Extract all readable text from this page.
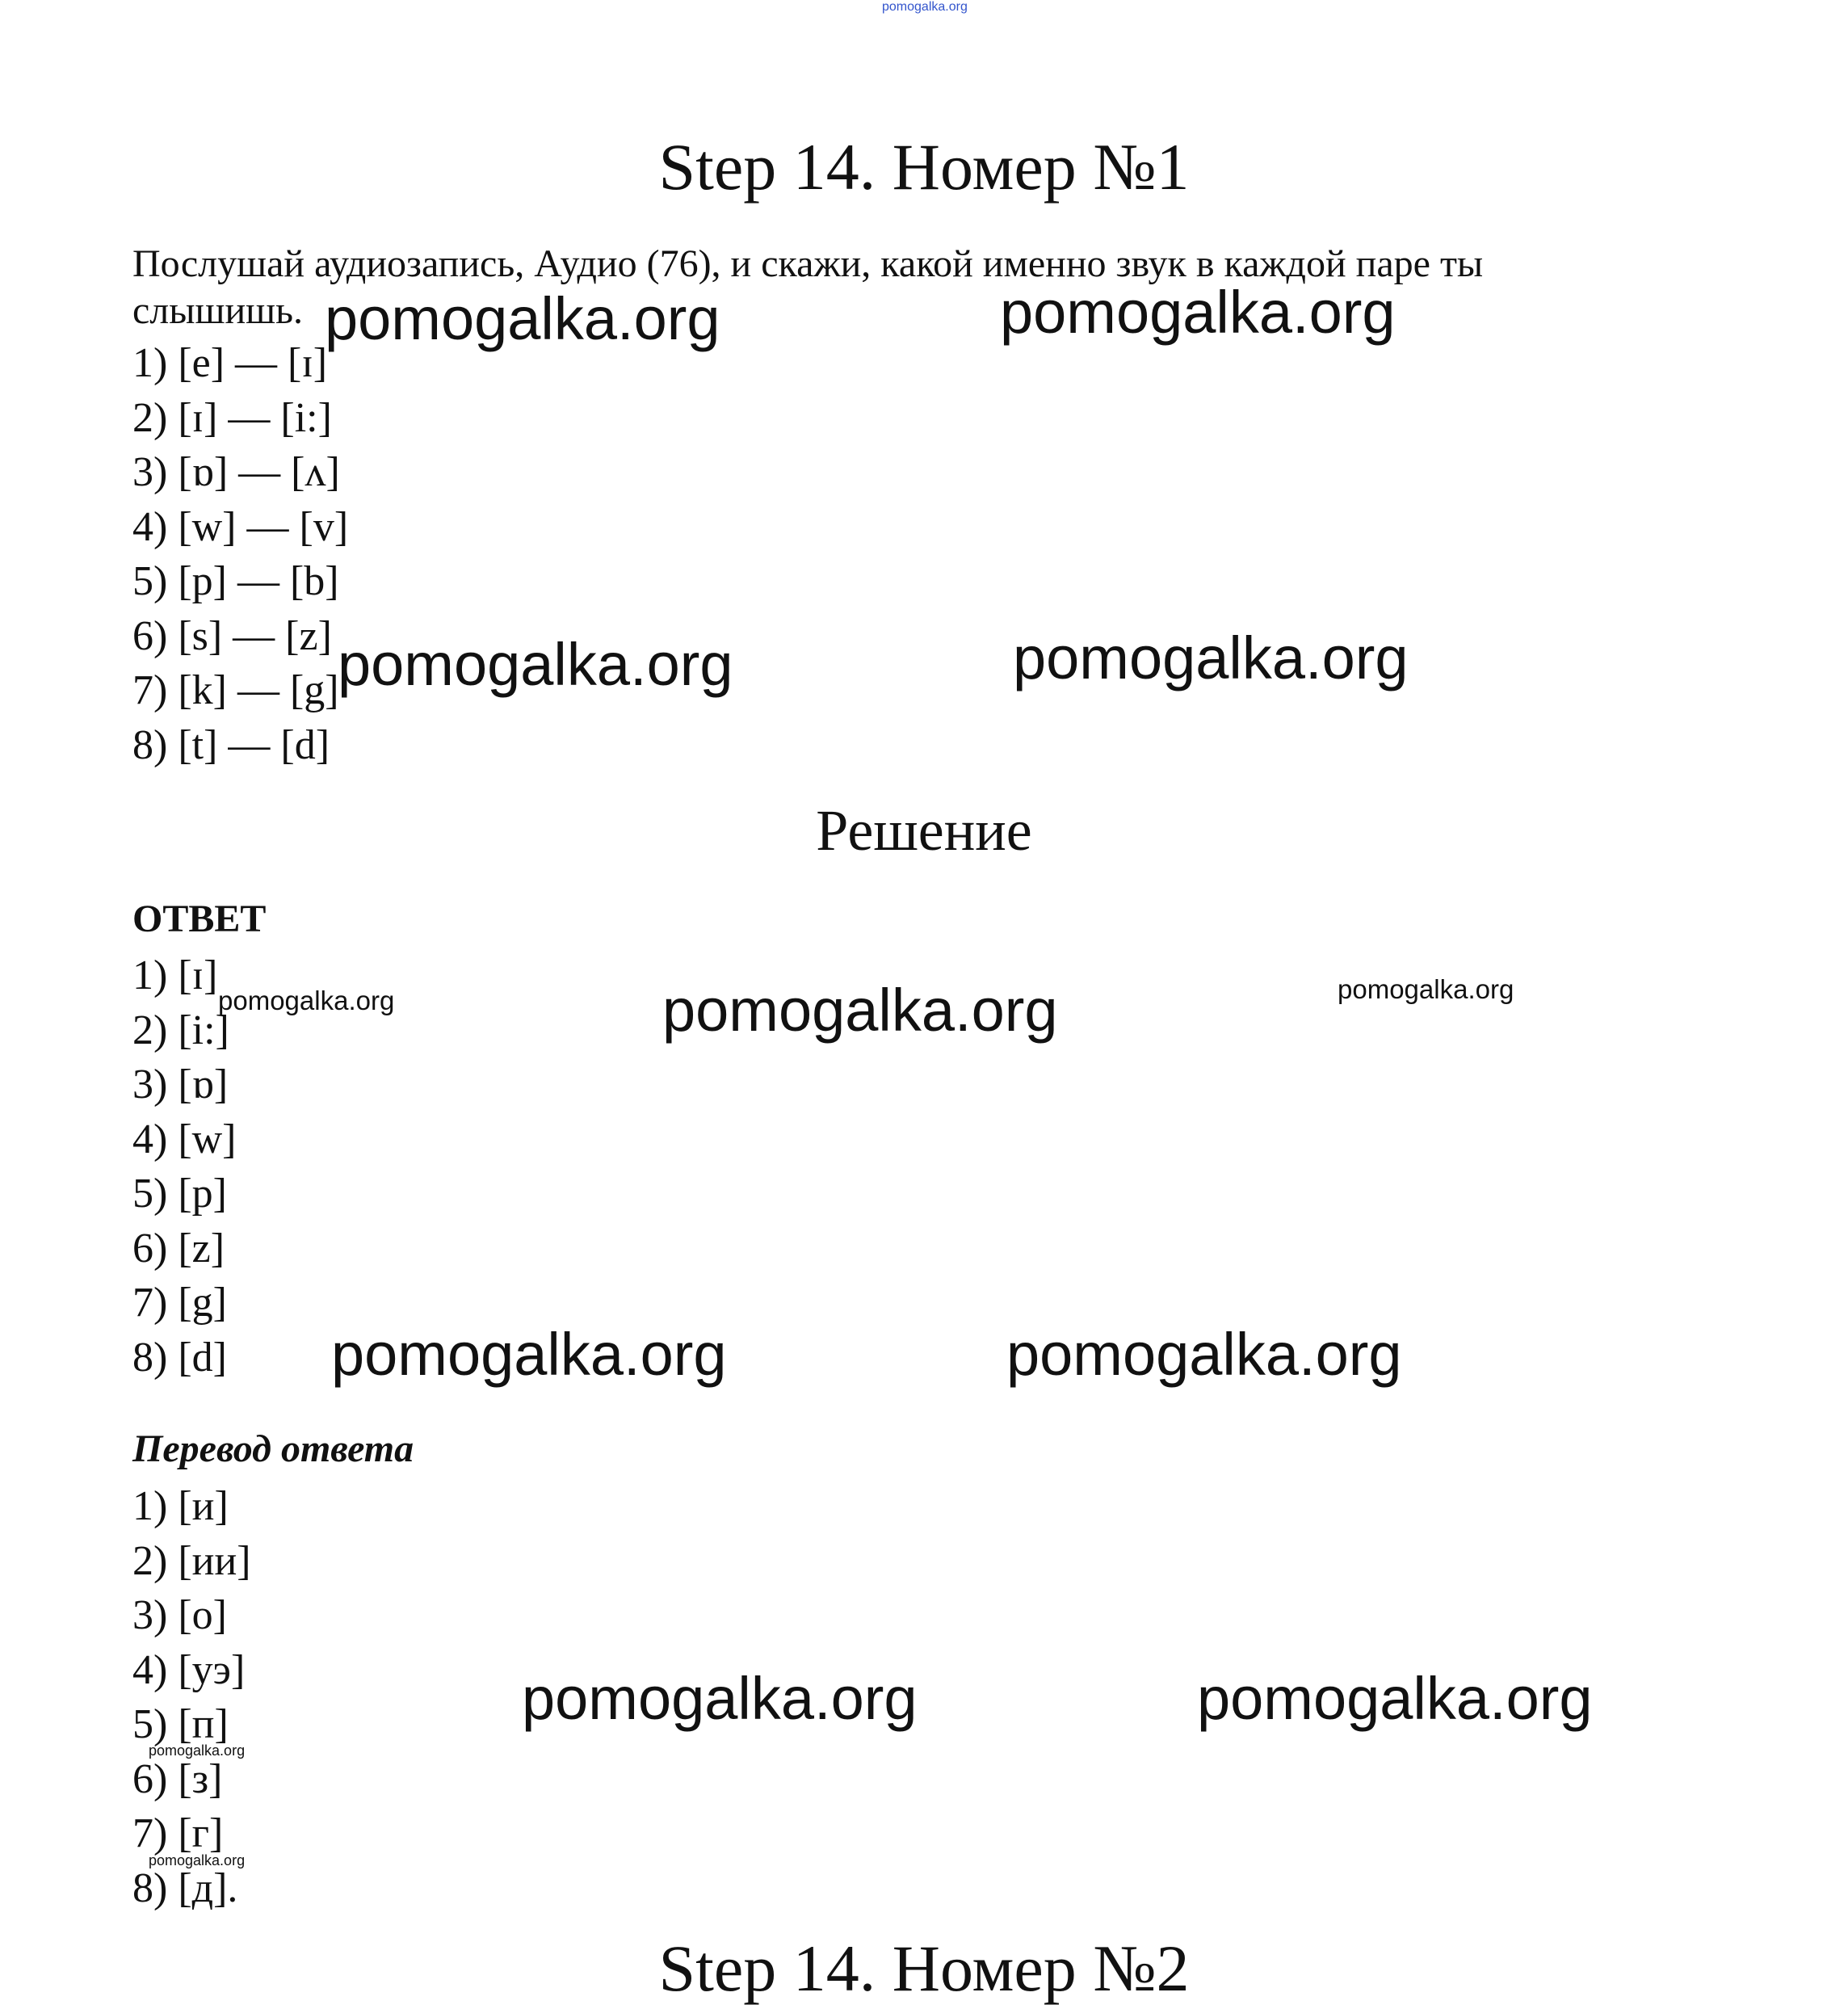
pomogalka.org
Step 14. Номер №1
Послушай аудиозапись, Аудио (76), и скажи, какой именно звук в каждой паре ты слышишь.
1) [e] — [ɪ]
2) [ɪ] — [i:]
3) [ɒ] — [ʌ]
4) [w] — [v]
5) [p] — [b]
6) [s] — [z]
7) [k] — [g]
8) [t] — [d]
Решение
ОТВЕТ
1) [ɪ]
2) [i:]
3) [ɒ]
4) [w]
5) [p]
6) [z]
7) [g]
8) [d]
Перевод ответа
1) [и]
2) [ии]
3) [о]
4) [уэ]
5) [п]
6) [з]
7) [г]
8) [д].
pomogalka.org	pomogalka.org
pomogalka.org	pomogalka.org
pomogalka.org	pomogalka.org	pomogalka.org
pomogalka.org	pomogalka.org
pomogalka.org	pomogalka.org
pomogalka.org
pomogalka.org
Step 14. Номер №2
